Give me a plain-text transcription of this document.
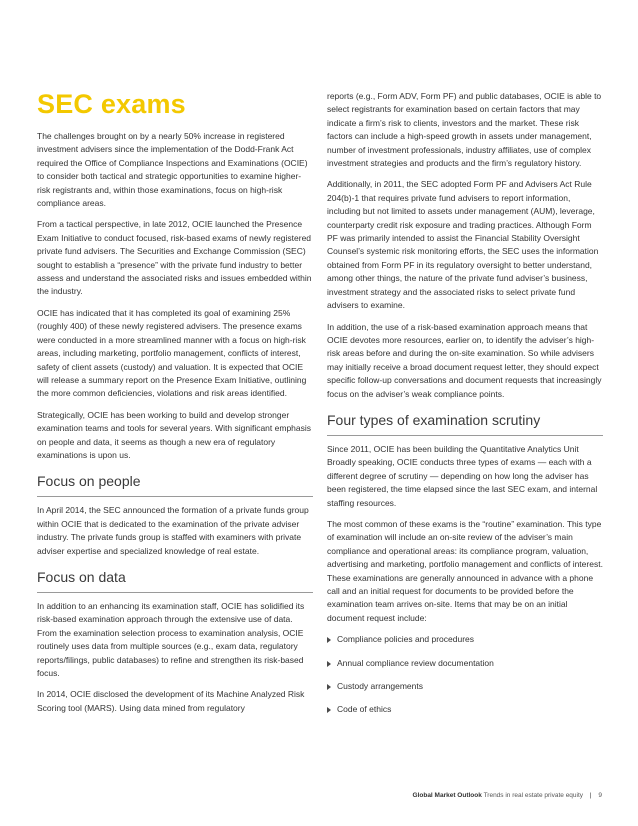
SEC exams

The challenges brought on by a nearly 50% increase in registered investment advisers since the implementation of the Dodd-Frank Act required the Office of Compliance Inspections and Examinations (OCIE) to consider both tactical and strategic opportunities to examine higher-risk registrants and, within those examinations, focus on high-risk compliance areas.

From a tactical perspective, in late 2012, OCIE launched the Presence Exam Initiative to conduct focused, risk-based exams of newly registered private fund advisers. The Securities and Exchange Commission (SEC) sought to establish a “presence” with the private fund industry to better assess and understand the associated risks and issues embedded within the industry.

OCIE has indicated that it has completed its goal of examining 25% (roughly 400) of these newly registered advisers. The presence exams were conducted in a more streamlined manner with a focus on high-risk areas, including marketing, portfolio management, conflicts of interest, safety of client assets (custody) and valuation. It is expected that OCIE will release a summary report on the Presence Exam Initiative, outlining the more common deficiencies, violations and risk areas identified.

Strategically, OCIE has been working to build and develop stronger examination teams and tools for several years. With significant emphasis on people and data, it seems as though a new era of regulatory examinations is upon us.

Focus on people

In April 2014, the SEC announced the formation of a private funds group within OCIE that is dedicated to the examination of the private adviser industry. The private funds group is staffed with examiners with private adviser expertise and specialized knowledge of real estate.

Focus on data

In addition to an enhancing its examination staff, OCIE has solidified its risk-based examination approach through the extensive use of data. From the examination selection process to examination analysis, OCIE routinely uses data from multiple sources (e.g., exam data, regulatory reports/filings, public databases) to refine and strengthen its risk-based focus.

In 2014, OCIE disclosed the development of its Machine Analyzed Risk Scoring tool (MARS). Using data mined from regulatory

reports (e.g., Form ADV, Form PF) and public databases, OCIE is able to select registrants for examination based on certain factors that may indicate a firm’s risk to clients, investors and the market. These risk factors can include a high-speed growth in assets under management, number of investment professionals, industry affiliates, use of complex investment strategies and products and the firm’s regulatory history.

Additionally, in 2011, the SEC adopted Form PF and Advisers Act Rule 204(b)-1 that requires private fund advisers to report information, including but not limited to assets under management (AUM), leverage, counterparty credit risk exposure and trading practices. Although Form PF was primarily intended to assist the Financial Stability Oversight Counsel’s systemic risk monitoring efforts, the SEC uses the information obtained from Form PF in its regulatory oversight to better understand, among other things, the nature of the private fund adviser’s business, investment strategy and the associated risks to select private fund advisers to examine.

In addition, the use of a risk-based examination approach means that OCIE devotes more resources, earlier on, to identify the adviser’s high-risk areas before and during the on-site examination. So while advisers may initially receive a broad document request letter, they should expect specific follow-up conversations and document requests that increasingly focus on the adviser’s weak compliance points.

Four types of examination scrutiny

Since 2011, OCIE has been building the Quantitative Analytics Unit Broadly speaking, OCIE conducts three types of exams — each with a different degree of scrutiny — depending on how long the adviser has been registered, the time elapsed since the last SEC exam, and internal staffing resources.

The most common of these exams is the “routine” examination. This type of examination will include an on-site review of the adviser’s main compliance and operational areas: its compliance program, valuation, advertising and marketing, portfolio management and conflicts of interest. These examinations are generally announced in advance with a phone call and an initial request for documents to be provided before the examination team arrives on-site. Items that may be on an initial document request include:

Compliance policies and procedures
Annual compliance review documentation
Custody arrangements
Code of ethics
Global Market Outlook Trends in real estate private equity | 9
